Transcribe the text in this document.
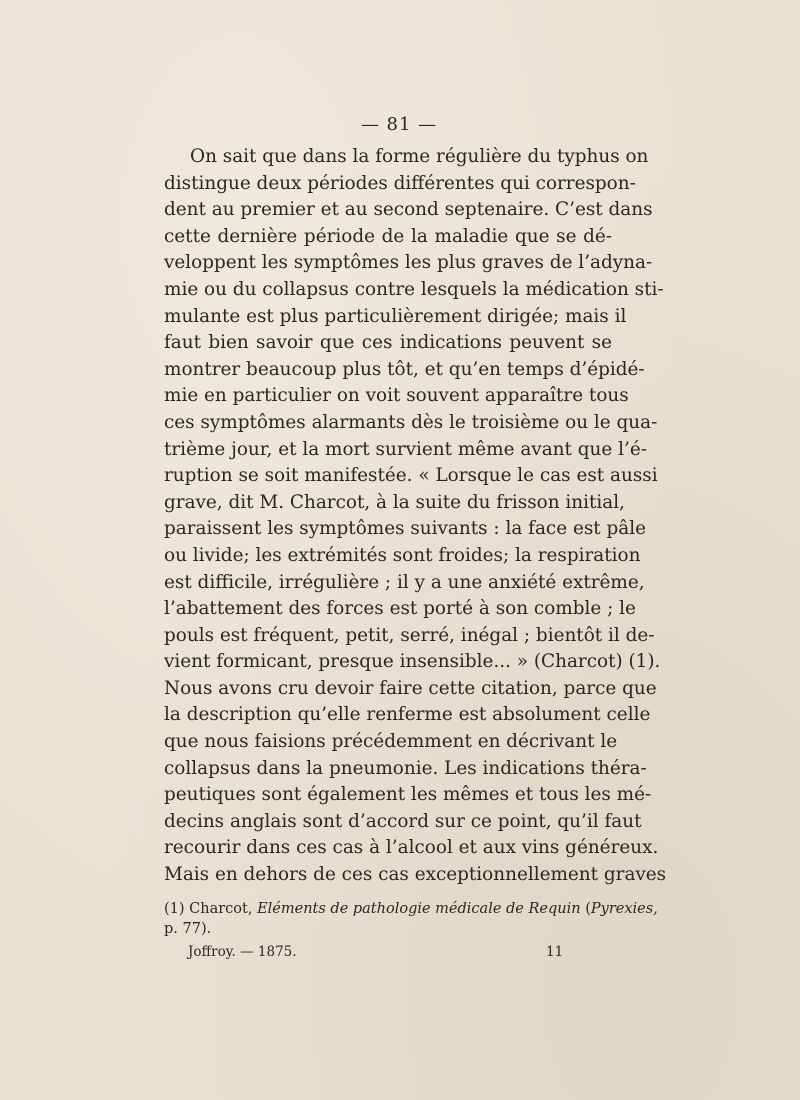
— 81 —
On sait que dans la forme régulière du typhus on
distingue deux périodes différentes qui correspon-
dent au premier et au second septenaire. C’est dans
cette dernière période de la maladie que se dé-
veloppent les symptômes les plus graves de l’adyna-
mie ou du collapsus contre lesquels la médication sti-
mulante est plus particulièrement dirigée; mais il
faut bien savoir que ces indications peuvent se
montrer beaucoup plus tôt, et qu’en temps d’épidé-
mie en particulier on voit souvent apparaître tous
ces symptômes alarmants dès le troisième ou le qua-
trième jour, et la mort survient même avant que l’é-
ruption se soit manifestée. « Lorsque le cas est aussi
grave, dit M. Charcot, à la suite du frisson initial,
paraissent les symptômes suivants : la face est pâle
ou livide; les extrémités sont froides; la respiration
est difficile, irrégulière ; il y a une anxiété extrême,
l’abattement des forces est porté à son comble ; le
pouls est fréquent, petit, serré, inégal ; bientôt il de-
vient formicant, presque insensible... » (Charcot) (1).
Nous avons cru devoir faire cette citation, parce que
la description qu’elle renferme est absolument celle
que nous faisions précédemment en décrivant le
collapsus dans la pneumonie. Les indications théra-
peutiques sont également les mêmes et tous les mé-
decins anglais sont d’accord sur ce point, qu’il faut
recourir dans ces cas à l’alcool et aux vins généreux.
Mais en dehors de ces cas exceptionnellement graves
(1) Charcot, Eléments de pathologie médicale de Requin (Pyrexies,
p. 77).
Joffroy. — 1875.	11
